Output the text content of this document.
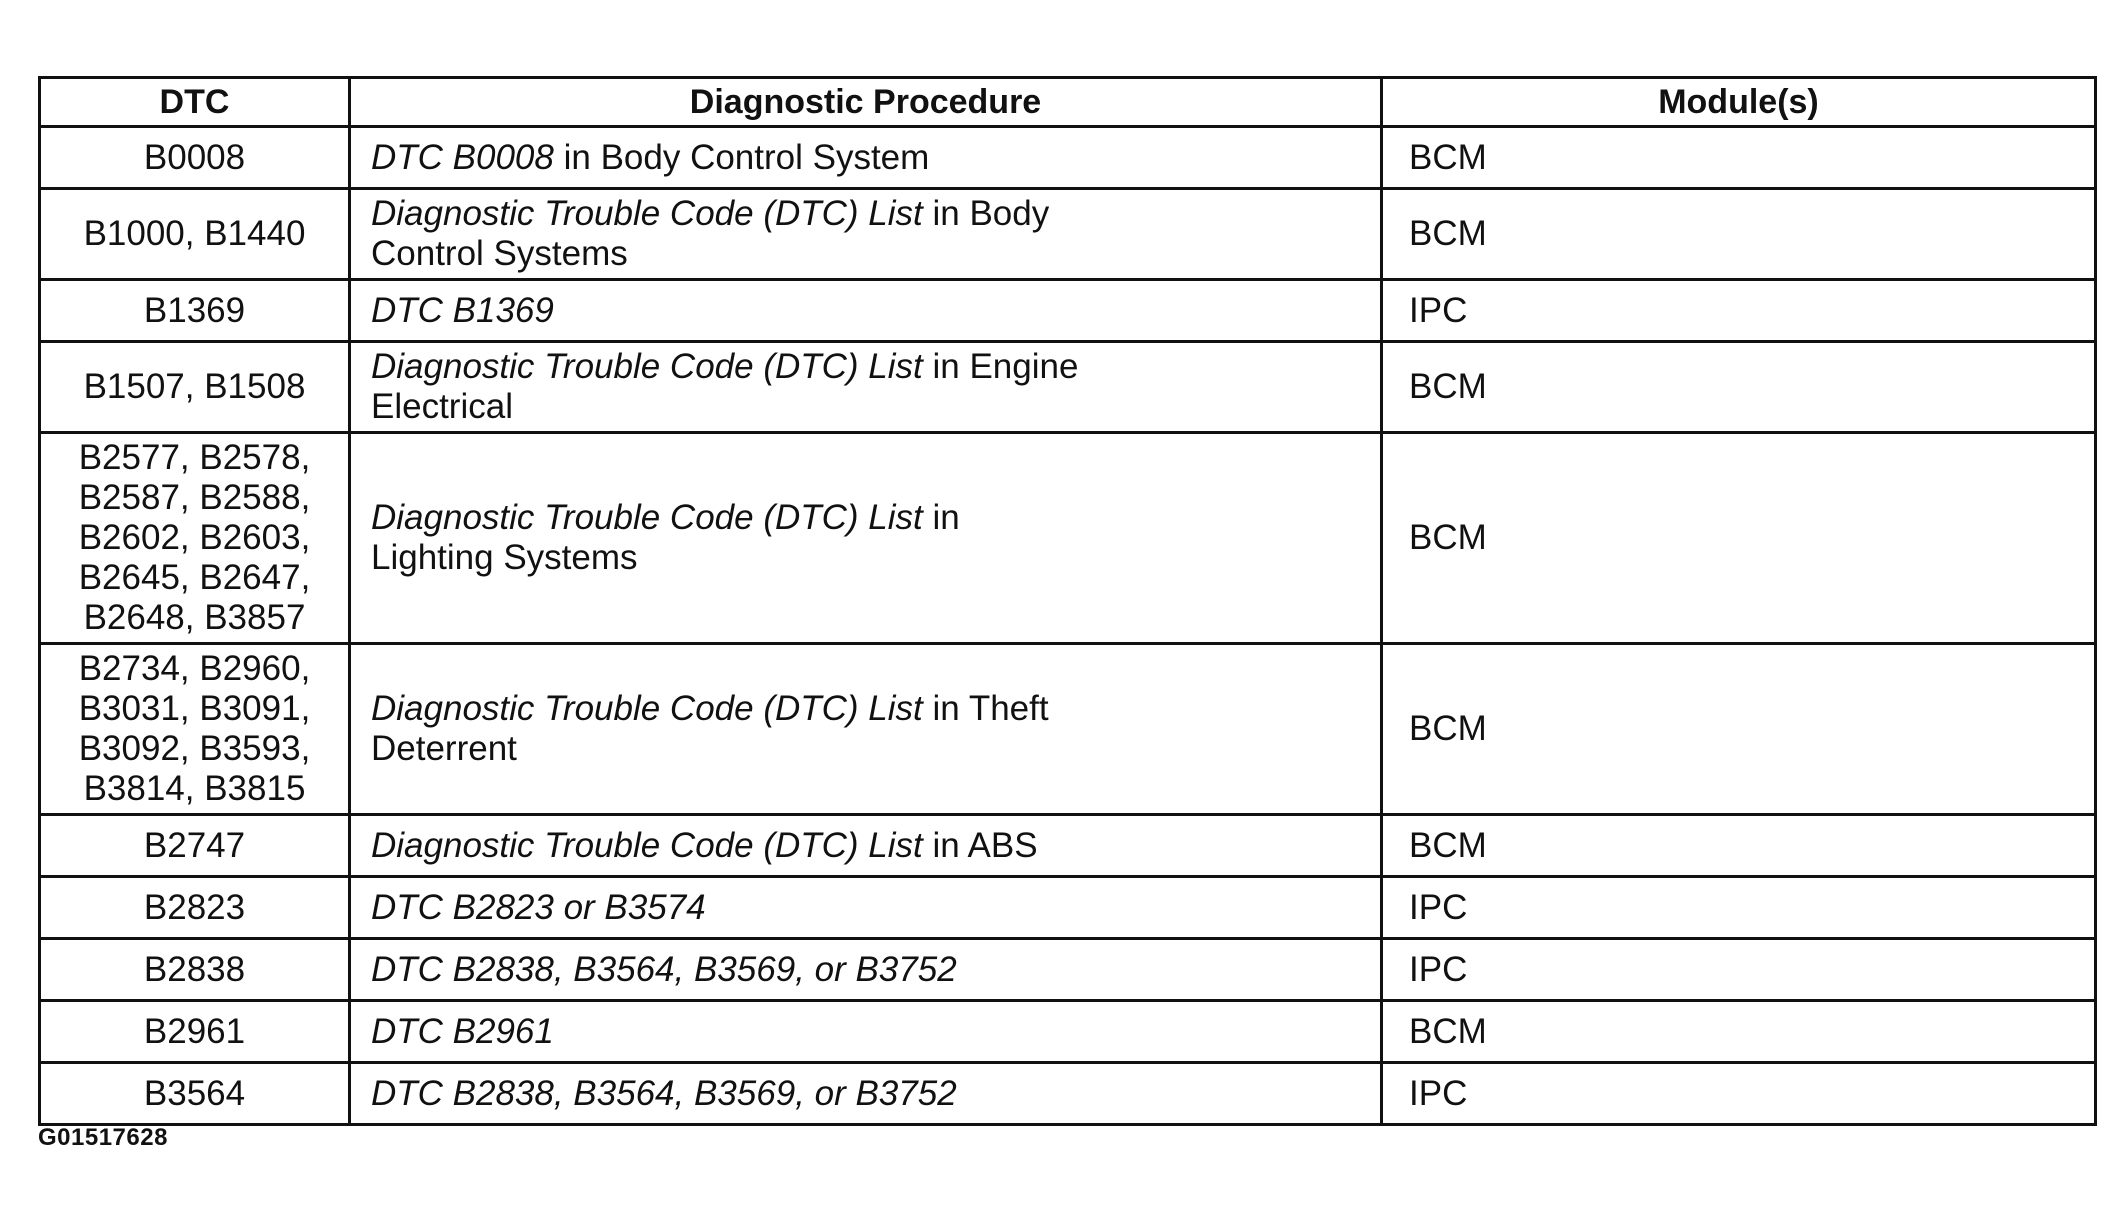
DTC	Diagnostic Procedure	Module(s)

B0008	DTC B0008 in Body Control System	BCM

B1000, B1440	Diagnostic Trouble Code (DTC) List in Body
Control Systems	BCM

B1369	DTC B1369	IPC

B1507, B1508	Diagnostic Trouble Code (DTC) List in Engine
Electrical	BCM

B2577, B2578,
B2587, B2588,
B2602, B2603,
B2645, B2647,
B2648, B3857	Diagnostic Trouble Code (DTC) List in
Lighting Systems	BCM

B2734, B2960,
B3031, B3091,
B3092, B3593,
B3814, B3815	Diagnostic Trouble Code (DTC) List in Theft
Deterrent	BCM

B2747	Diagnostic Trouble Code (DTC) List in ABS	BCM

B2823	DTC B2823 or B3574	IPC

B2838	DTC B2838, B3564, B3569, or B3752	IPC

B2961	DTC B2961	BCM

B3564	DTC B2838, B3564, B3569, or B3752	IPC
G01517628
